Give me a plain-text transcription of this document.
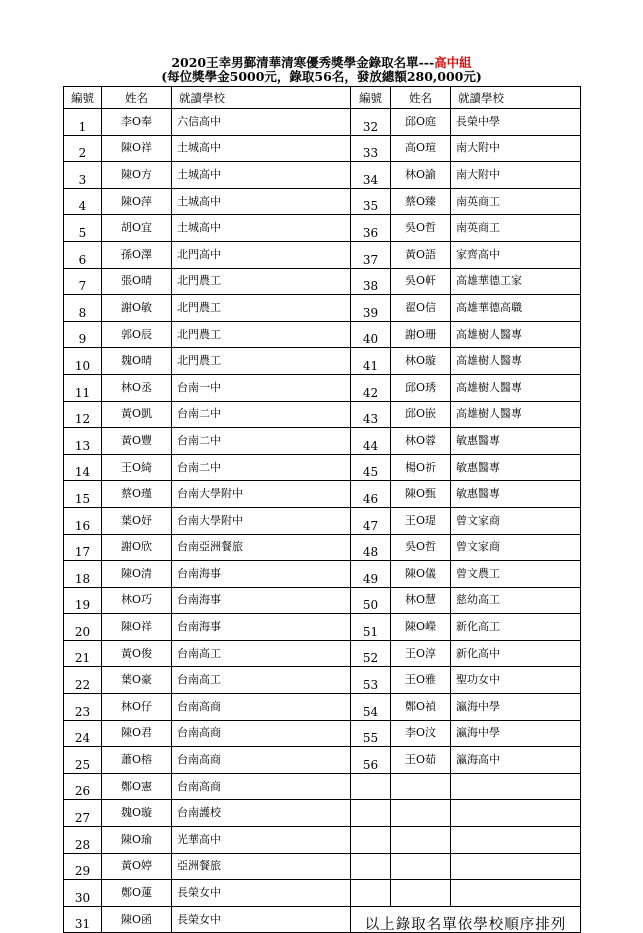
2020王幸男鄞清華清寒優秀獎學金錄取名單---高中組
(每位獎學金5000元，錄取56名，發放總額280,000元)
編號	姓名	就讀學校	編號	姓名	就讀學校
1	李O奉	六信高中	32	邱O庭	長榮中學
2	陳O祥	土城高中	33	高O瑄	南大附中
3	陳O方	土城高中	34	林O諭	南大附中
4	陳O萍	土城高中	35	蔡O臻	南英商工
5	胡O宜	土城高中	36	吳O哲	南英商工
6	孫O澤	北門高中	37	黃O語	家齊高中
7	張O晴	北門農工	38	吳O軒	高雄華德工家
8	謝O敏	北門農工	39	翟O信	高雄華德高職
9	郭O辰	北門農工	40	謝O珊	高雄樹人醫專
10	魏O晴	北門農工	41	林O璇	高雄樹人醫專
11	林O丞	台南一中	42	邱O琇	高雄樹人醫專
12	黃O凱	台南二中	43	邱O嵌	高雄樹人醫專
13	黃O豐	台南二中	44	林O蓉	敏惠醫專
14	王O綺	台南二中	45	楊O祈	敏惠醫專
15	蔡O瑾	台南大學附中	46	陳O甄	敏惠醫專
16	葉O妤	台南大學附中	47	王O瑅	曾文家商
17	謝O欣	台南亞洲餐旅	48	吳O哲	曾文家商
18	陳O清	台南海事	49	陳O儀	曾文農工
19	林O巧	台南海事	50	林O慧	慈幼高工
20	陳O祥	台南海事	51	陳O嶸	新化高工
21	黃O俊	台南高工	52	王O淳	新化高中
22	葉O豪	台南高工	53	王O雅	聖功女中
23	林O仔	台南高商	54	鄭O禎	瀛海中學
24	陳O君	台南高商	55	李O汶	瀛海中學
25	蕭O榕	台南高商	56	王O茹	瀛海高中
26	鄭O憲	台南高商			
27	魏O璇	台南護校			
28	陳O瑜	光華高中			
29	黃O婷	亞洲餐旅			
30	鄭O蓮	長榮女中			
31	陳O函	長榮女中	以上錄取名單依學校順序排列		
